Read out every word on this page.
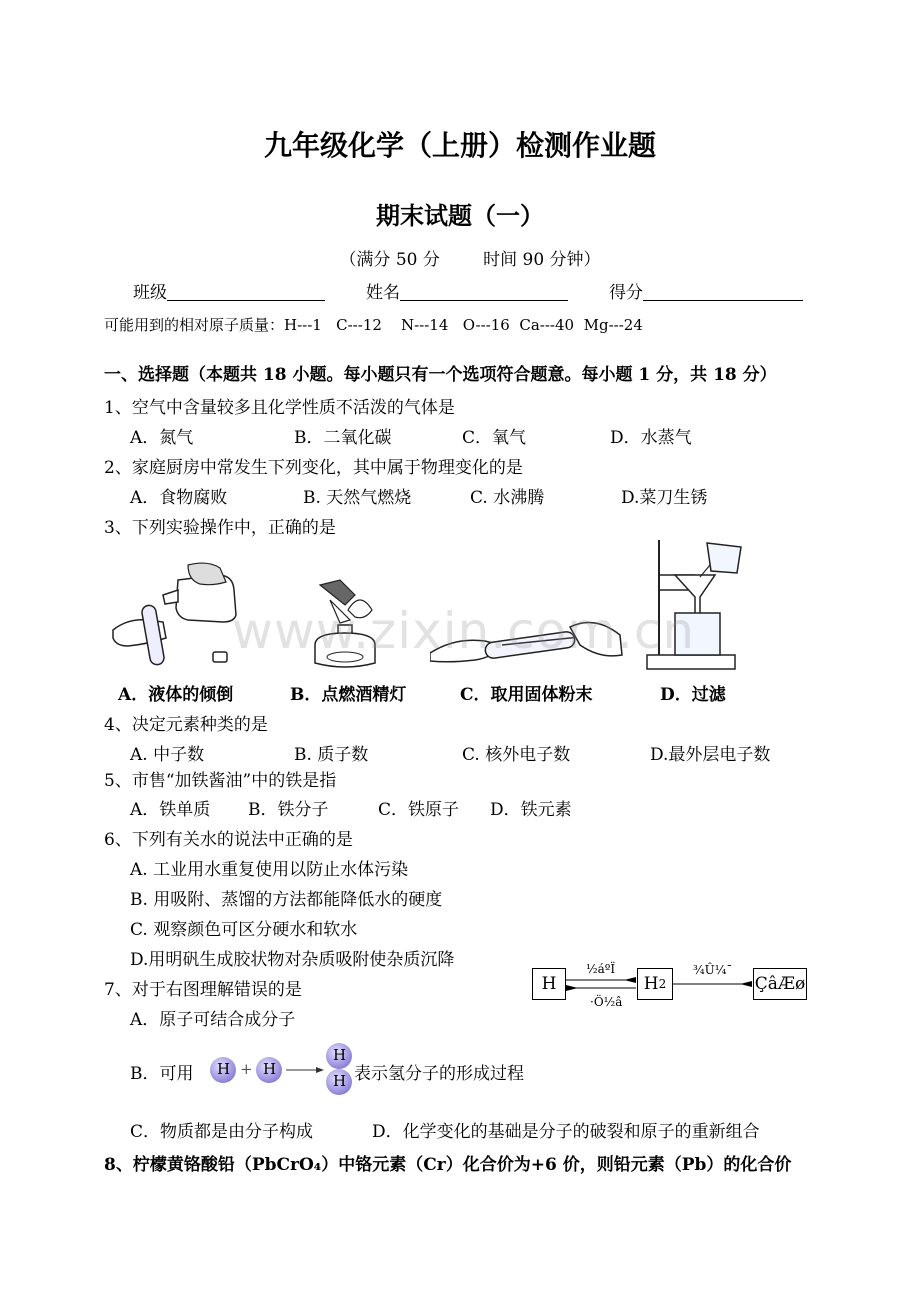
九年级化学（上册）检测作业题
期末试题（一）
（满分 50 分        时间 90 分钟）
班级	姓名	得分
可能用到的相对原子质量：H---1   C---12    N---14   O---16  Ca---40  Mg---24
一、选择题（本题共 18 小题。每小题只有一个选项符合题意。每小题 1 分，共 18 分）
1、空气中含量较多且化学性质不活泼的气体是
A．氮气	B．二氧化碳	C．氧气	D．水蒸气
2、家庭厨房中常发生下列变化，其中属于物理变化的是
A．食物腐败	B. 天然气燃烧	C. 水沸腾	D.菜刀生锈
3、下列实验操作中，正确的是
www.zixin.com.cn
A．液体的倾倒	B．点燃酒精灯	C．取用固体粉末	D．过滤
4、决定元素种类的是
A. 中子数	B. 质子数	C. 核外电子数	D.最外层电子数
5、市售“加铁酱油”中的铁是指
A．铁单质 B．铁分子	C．铁原子 D．铁元素
6、下列有关水的说法中正确的是
A. 工业用水重复使用以防止水体污染
B. 用吸附、蒸馏的方法都能降低水的硬度
C. 观察颜色可区分硬水和软水
D.用明矾生成胶状物对杂质吸附使杂质沉降
7、对于右图理解错误的是	H	H 2	ÇâÆø
½áºÏ
·Ö½â
¾Û¼¯
A．原子可结合成分子
B．可用 H + H
H
H 表示氢分子的形成过程
C．物质都是由分子构成	D．化学变化的基础是分子的破裂和原子的重新组合
8、柠檬黄铬酸铅（PbCrO₄）中铬元素（Cr）化合价为+6 价，则铅元素（Pb）的化合价
